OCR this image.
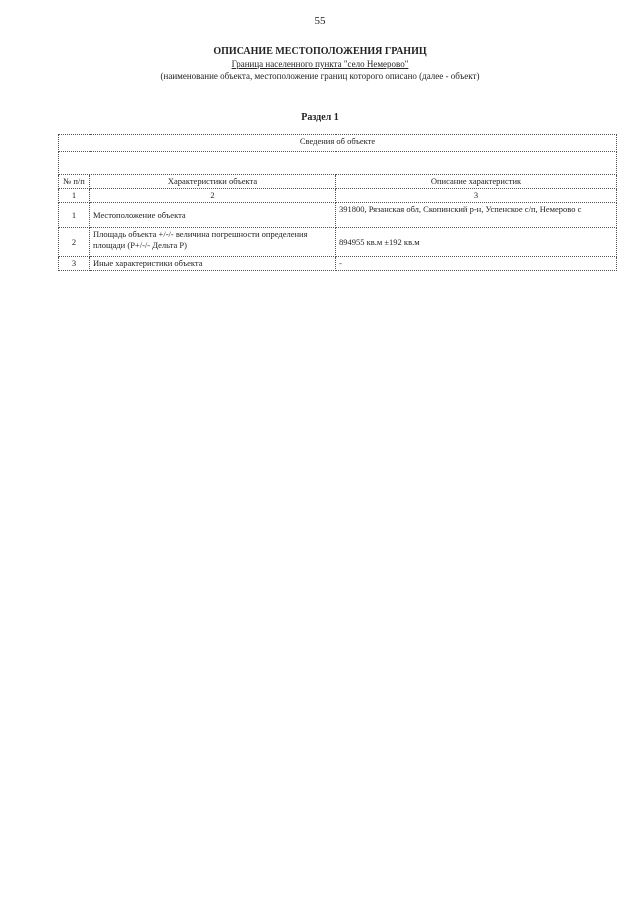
55
ОПИСАНИЕ МЕСТОПОЛОЖЕНИЯ ГРАНИЦ
Граница населенного пункта "село Немерово"
(наименование объекта, местоположение границ которого описано (далее - объект)
Раздел 1
Сведения об объекте		

№ п/п	Характеристики объекта	Описание характеристик
1	2	3
1	Местоположение объекта	391800, Рязанская обл, Скопинский р-н, Успенское с/п, Немерово с
2	Площадь объекта +/-/- величина погрешности определения площади (Р+/-/- Дельта Р)	894955 кв.м ±192 кв.м
3	Иные характеристики объекта	-
